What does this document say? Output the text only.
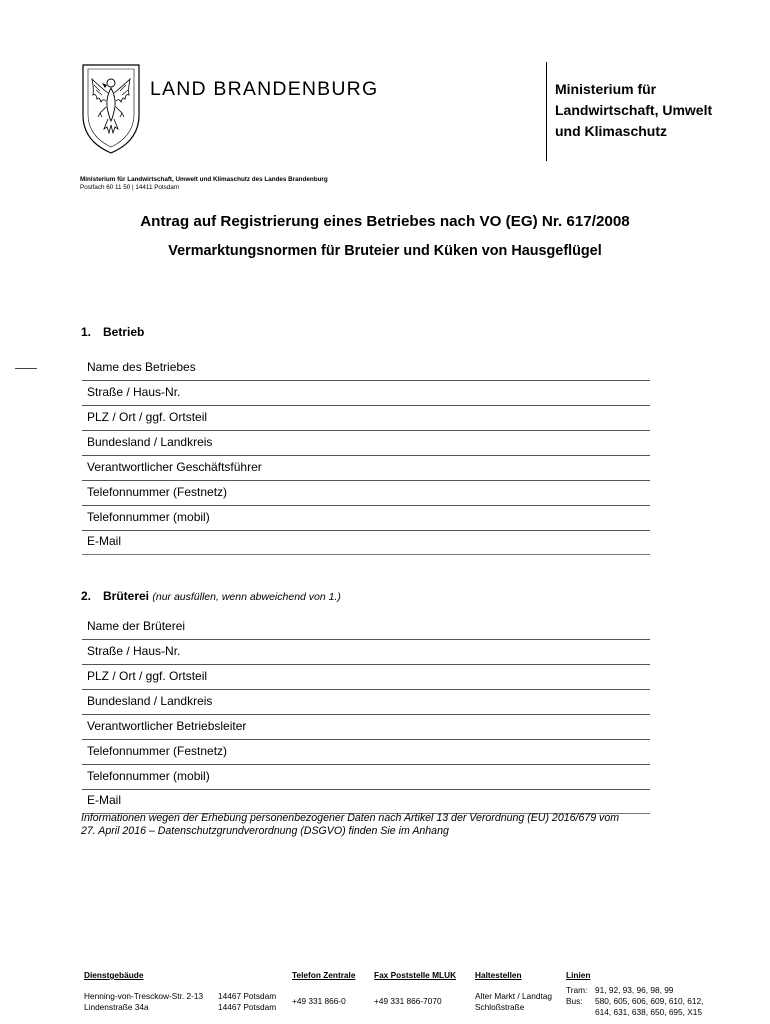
LAND BRANDENBURG	Ministerium für
Landwirtschaft, Umwelt
und Klimaschutz
Ministerium für Landwirtschaft, Umwelt und Klimaschutz des Landes Brandenburg
Postfach 60 11 50 | 14411 Potsdam
Antrag auf Registrierung eines Betriebes nach VO (EG) Nr. 617/2008
Vermarktungsnormen für Bruteier und Küken von Hausgeflügel
1. Betrieb
Name des Betriebes
Straße / Haus-Nr.
PLZ / Ort / ggf. Ortsteil
Bundesland / Landkreis
Verantwortlicher Geschäftsführer
Telefonnummer (Festnetz)
Telefonnummer (mobil)
E-Mail
2. Brüterei (nur ausfüllen, wenn abweichend von 1.)
Name der Brüterei
Straße / Haus-Nr.
PLZ / Ort / ggf. Ortsteil
Bundesland / Landkreis
Verantwortlicher Betriebsleiter
Telefonnummer (Festnetz)
Telefonnummer (mobil)
E-Mail
Informationen wegen der Erhebung personenbezogener Daten nach Artikel 13 der Verordnung (EU) 2016/679 vom
27. April 2016 – Datenschutzgrundverordnung (DSGVO) finden Sie im Anhang
Dienstgebäude
Henning-von-Tresckow-Str. 2-13
Lindenstraße 34a
14467 Potsdam
14467 Potsdam
Telefon Zentrale
+49 331 866-0
Fax Poststelle MLUK
+49 331 866-7070
Haltestellen
Alter Markt / Landtag
Schloßstraße
Linien
Tram: 91, 92, 93, 96, 98, 99
Bus: 580, 605, 606, 609, 610, 612,
614, 631, 638, 650, 695, X15
